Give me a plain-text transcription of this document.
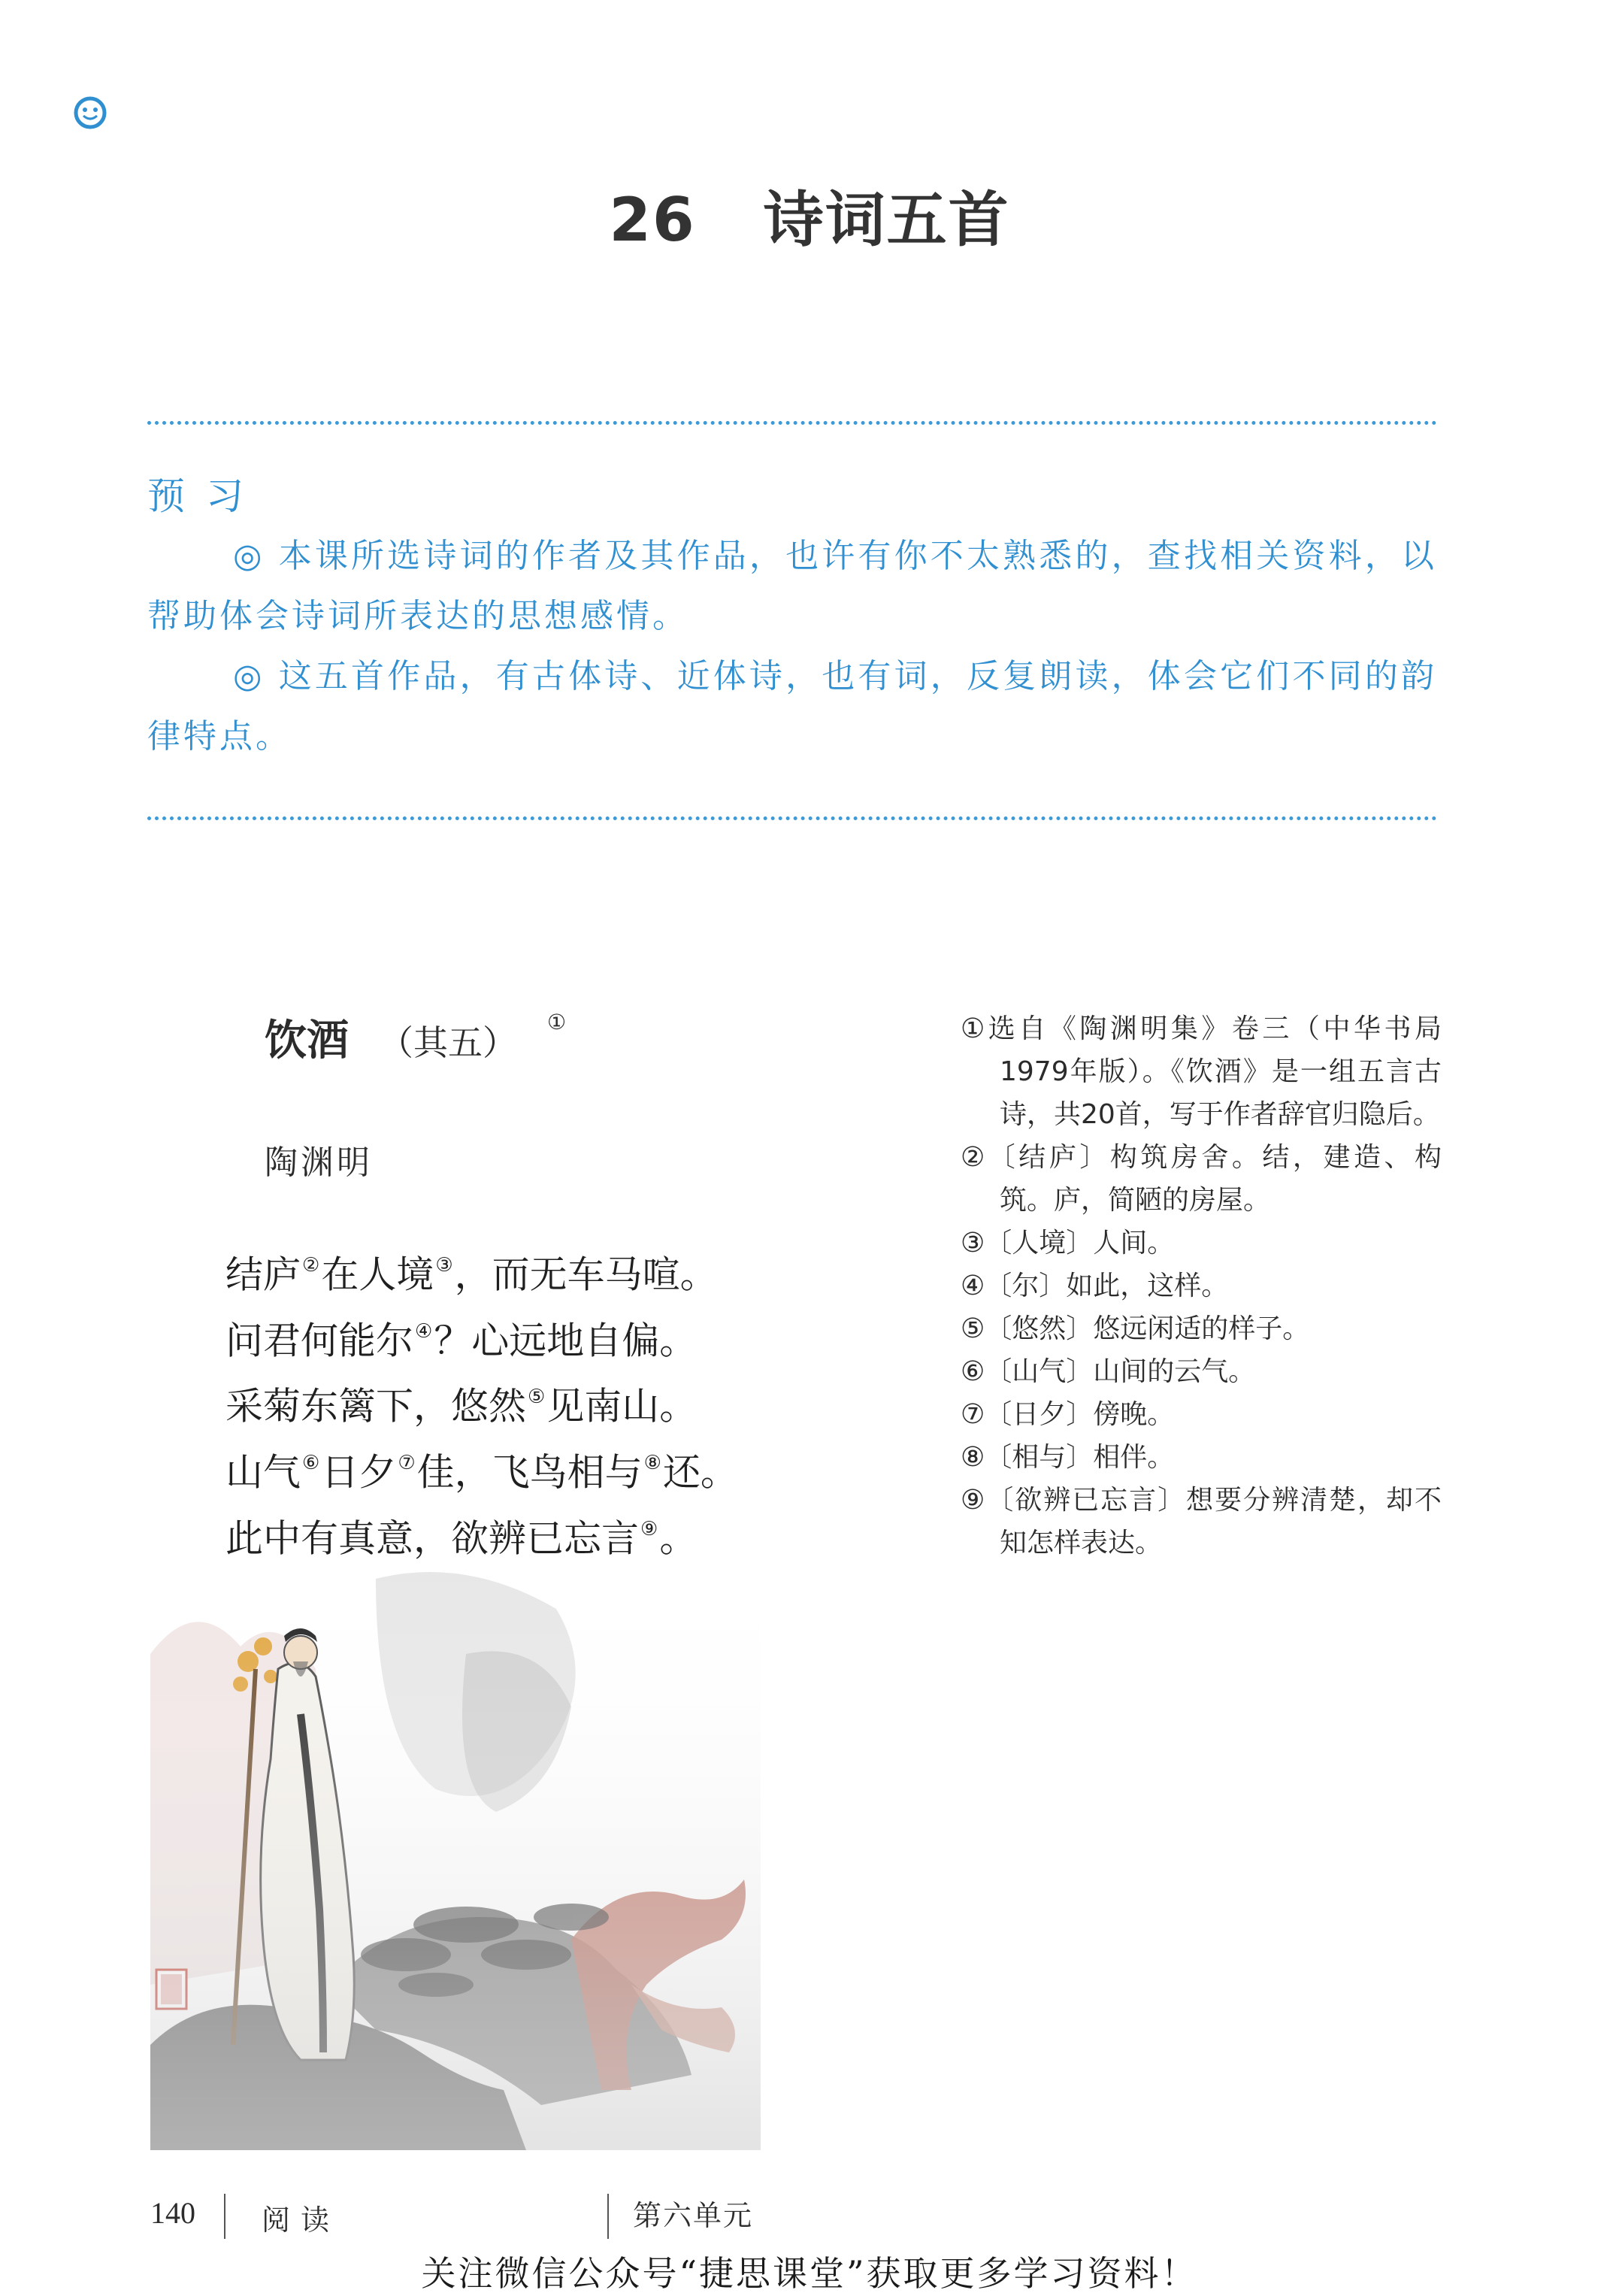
26 诗词五首
预习
◎ 本课所选诗词的作者及其作品，也许有你不太熟悉的，查找相关资料，以帮助体会诗词所表达的思想感情。
◎ 这五首作品，有古体诗、近体诗，也有词，反复朗读，体会它们不同的韵律特点。
饮酒 （其五）①
陶渊明
结庐②在人境③，而无车马喧。
问君何能尔④？心远地自偏。
采菊东篱下，悠然⑤见南山。
山气⑥日夕⑦佳，飞鸟相与⑧还。
此中有真意，欲辨已忘言⑨。
①选自《陶渊明集》卷三（中华书局1979年版）。《饮酒》是一组五言古诗，共20首，写于作者辞官归隐后。
②〔结庐〕构筑房舍。结，建造、构筑。庐，简陋的房屋。
③〔人境〕人间。
④〔尔〕如此，这样。
⑤〔悠然〕悠远闲适的样子。
⑥〔山气〕山间的云气。
⑦〔日夕〕傍晚。
⑧〔相与〕相伴。
⑨〔欲辨已忘言〕想要分辨清楚，却不知怎样表达。
140 阅读	第六单元
关注微信公众号“捷思课堂”获取更多学习资料！
